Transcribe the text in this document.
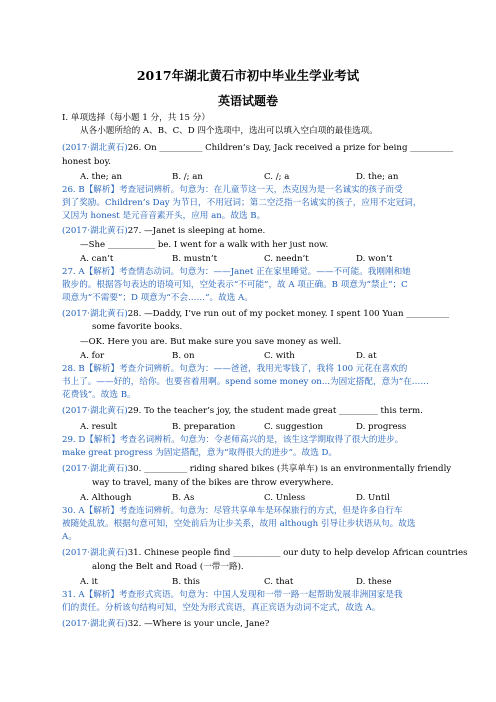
2017年湖北黄石市初中毕业生学业考试
英语试题卷
I. 单项选择（每小题 1 分，共 15 分）
从各小题所给的 A、B、C、D 四个选项中，选出可以填入空白项的最佳选项。
(2017·湖北黄石)26. On __________ Children’s Day, Jack received a prize for being __________
honest boy.
A. the; an	B. /; an	C. /; a	D. the; an
26. B【解析】考查冠词辨析。句意为：在儿童节这一天，杰克因为是一名诚实的孩子而受
到了奖励。Children’s Day 为节日，不用冠词；第二空泛指一名诚实的孩子，应用不定冠词，
又因为 honest 是元音音素开头，应用 an。故选 B。
(2017·湖北黄石)27. —Janet is sleeping at home.
—She ___________ be. I went for a walk with her just now.
A. can’t	B. mustn’t	C. needn’t	D. won’t
27. A【解析】考查情态动词。句意为：——Janet 正在家里睡觉。——不可能。我刚刚和她
散步的。根据答句表达的语境可知，空处表示“不可能”，故 A 项正确。B 项意为“禁止”；C
项意为“不需要”；D 项意为“不会……”。故选 A。
(2017·湖北黄石)28. —Daddy, I’ve run out of my pocket money. I spent 100 Yuan __________
some favorite books.
—OK. Here you are. But make sure you save money as well.
A. for	B. on	C. with	D. at
28. B【解析】考查介词辨析。句意为：——爸爸，我用光零钱了，我将 100 元花在喜欢的
书上了。——好的，给你。也要省着用啊。spend some money on...为固定搭配，意为“在……
花费钱”。故选 B。
(2017·湖北黄石)29. To the teacher’s joy, the student made great _________ this term.
A. result	B. preparation	C. suggestion	D. progress
29. D【解析】考查名词辨析。句意为：令老师高兴的是，该生这学期取得了很大的进步。
make great progress 为固定搭配，意为“取得很大的进步”。故选 D。
(2017·湖北黄石)30. __________ riding shared bikes (共享单车) is an environmentally friendly
way to travel, many of the bikes are throw everywhere.
A. Although	B. As	C. Unless	D. Until
30. A【解析】考查连词辨析。句意为：尽管共享单车是环保旅行的方式，但是许多自行车
被随处乱放。根据句意可知，空处前后为让步关系，故用 although 引导让步状语从句。故选
A。
(2017·湖北黄石)31. Chinese people find ___________ our duty to help develop African countries
along the Belt and Road (一带一路).
A. it	B. this	C. that	D. these
31. A【解析】考查形式宾语。句意为：中国人发现和一带一路一起帮助发展非洲国家是我
们的责任。分析该句结构可知，空处为形式宾语，真正宾语为动词不定式，故选 A。
(2017·湖北黄石)32. —Where is your uncle, Jane?
